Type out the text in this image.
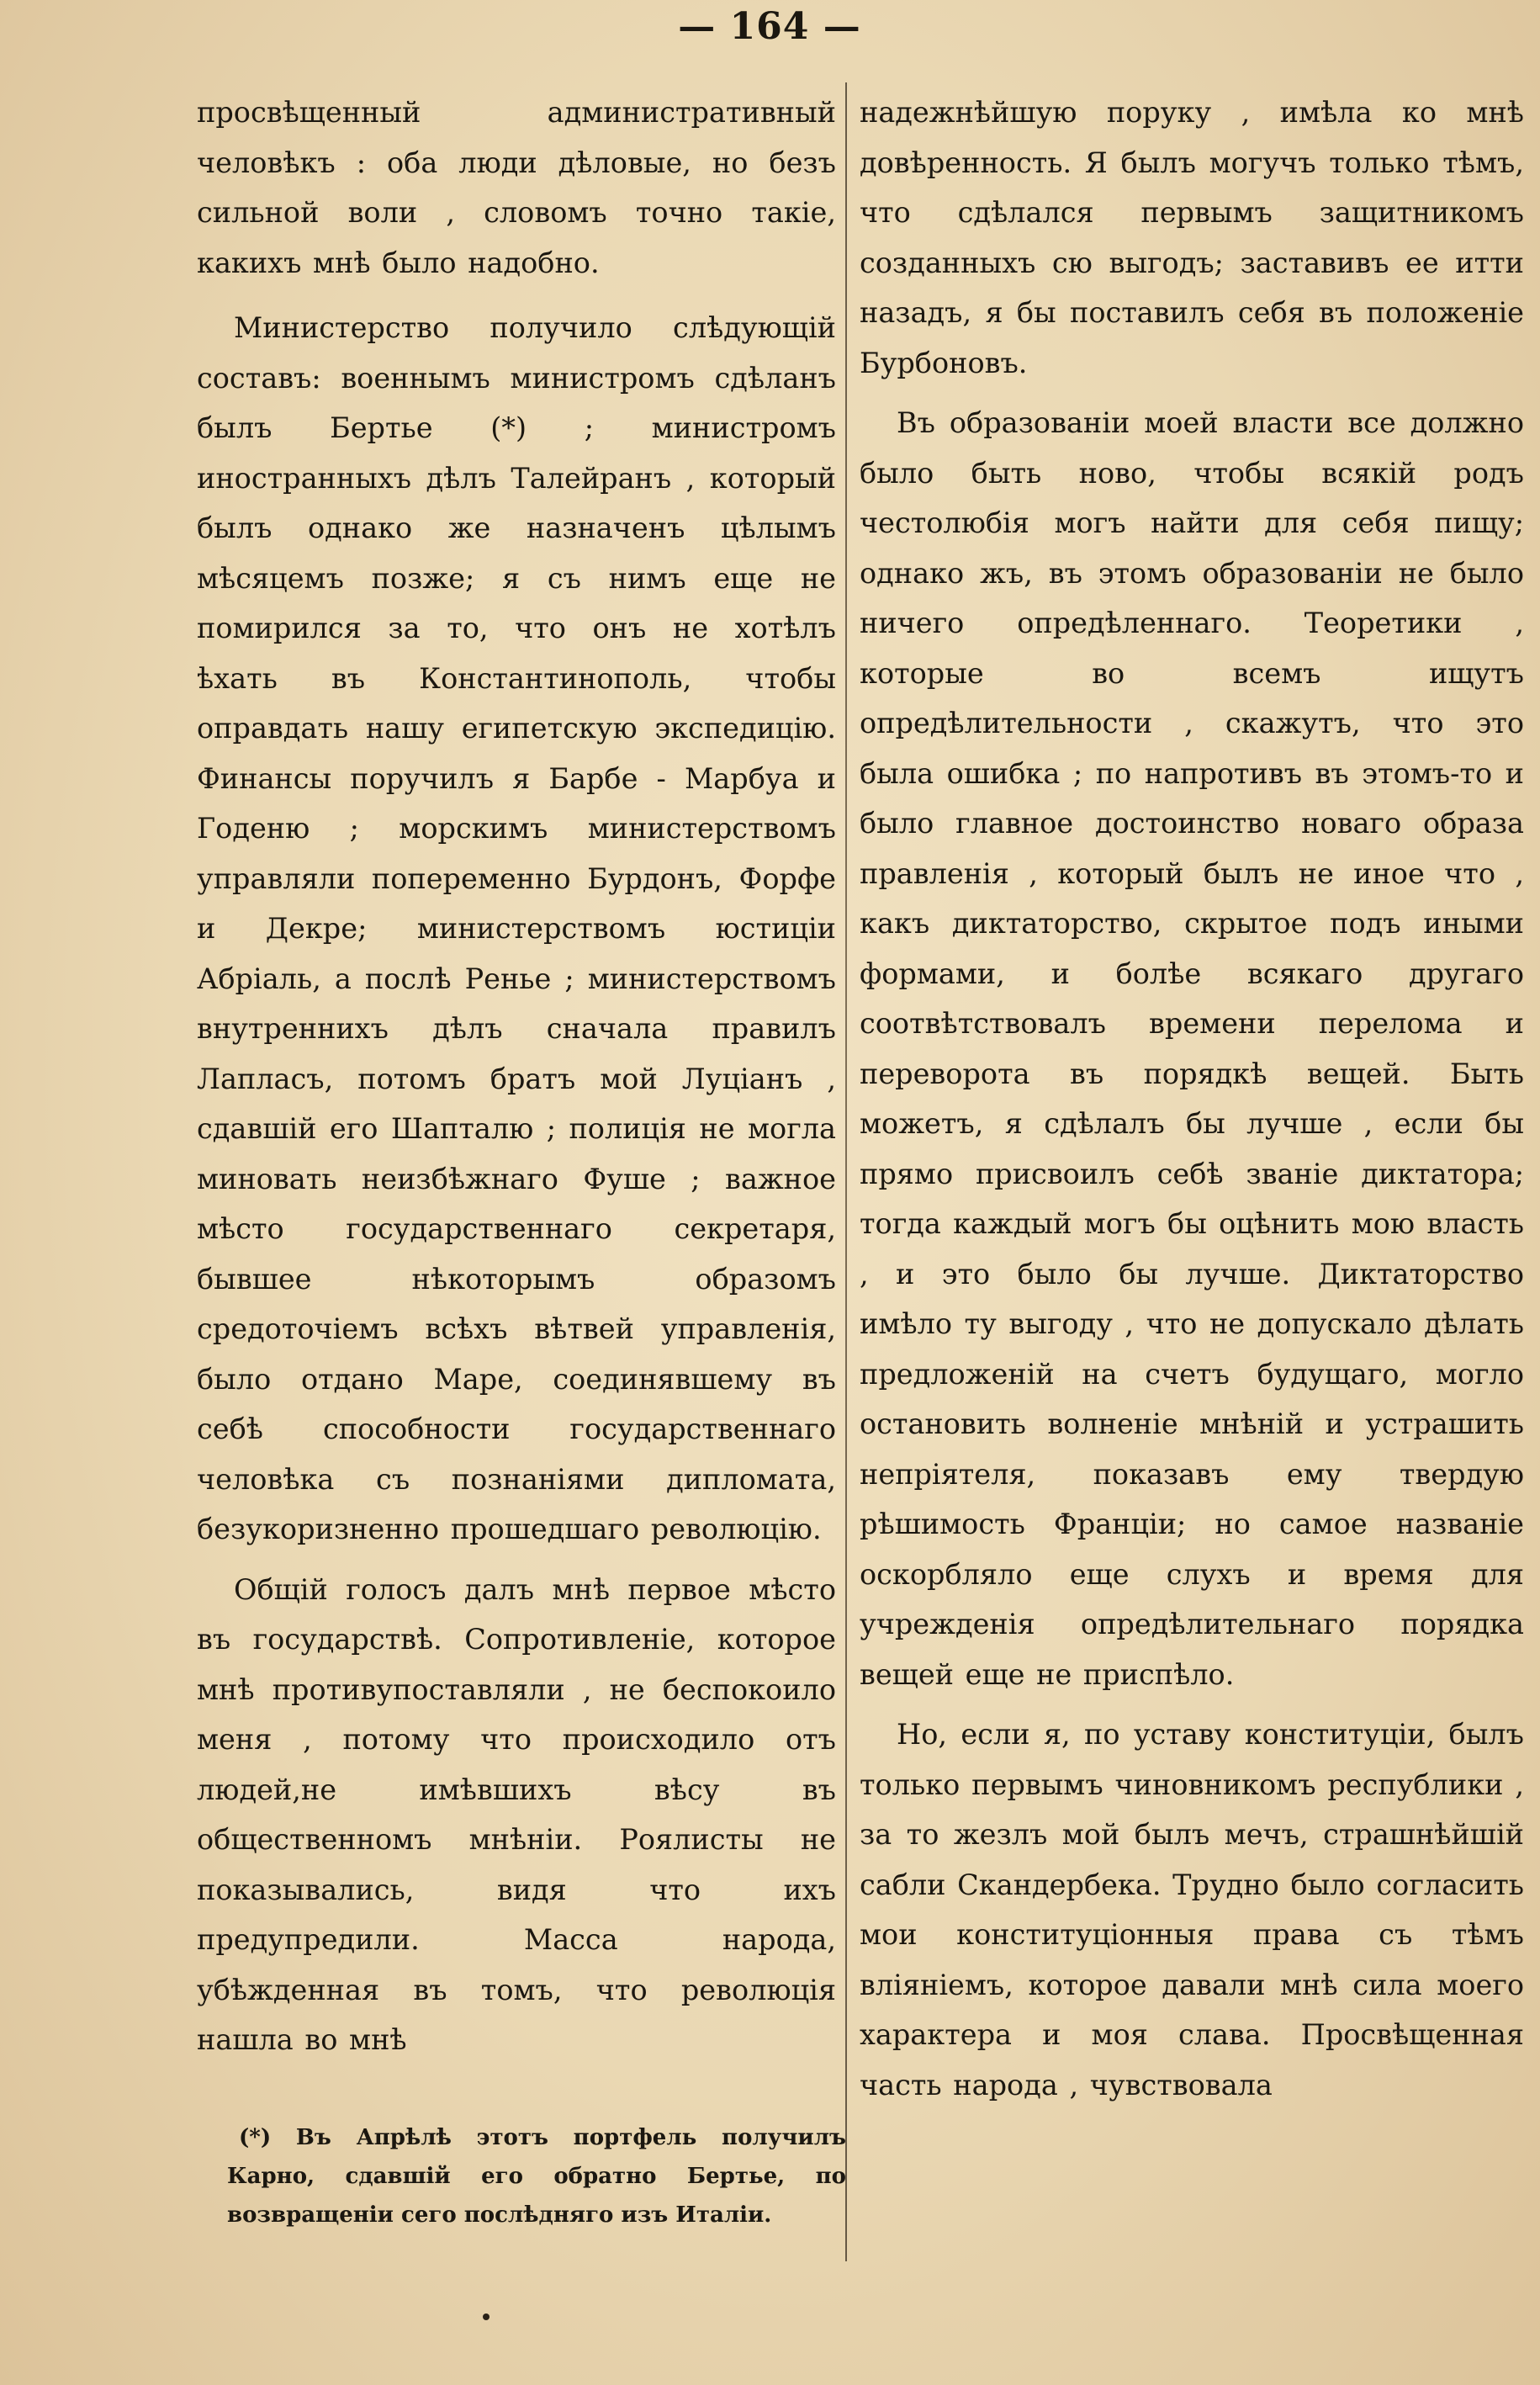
— 164 —

просвѣщенный административный человѣкъ : оба люди дѣловые, но безъ сильной воли , словомъ точно такіе, какихъ мнѣ было надобно.

Министерство получило слѣдующій составъ: военнымъ министромъ сдѣланъ былъ Бертье (*) ; министромъ иностранныхъ дѣлъ Талейранъ , который былъ однако же назначенъ цѣлымъ мѣсяцемъ позже; я съ нимъ еще не помирился за то, что онъ не хотѣлъ ѣхать въ Константинополь, чтобы оправдать нашу египетскую экспедицію. Финансы поручилъ я Барбе - Марбуа и Годеню ; морскимъ министерствомъ управляли попеременно Бурдонъ, Форфе и Декре; министерствомъ юстиціи Абріаль, а послѣ Ренье ; министерствомъ внутреннихъ дѣлъ сначала правилъ Лапласъ, потомъ братъ мой Луціанъ , сдавшій его Шапталю ; полиція не могла миновать неизбѣжнаго Фуше ; важное мѣсто государственнаго секретаря, бывшее нѣкоторымъ образомъ средоточіемъ всѣхъ вѣтвей управленія, было отдано Маре, соединявшему въ себѣ способности государственнаго человѣка съ познаніями дипломата, безукоризненно прошедшаго революцію.

Общій голосъ далъ мнѣ первое мѣсто въ государствѣ. Сопротивленіе, которое мнѣ противупоставляли , не беспокоило меня , потому что происходило отъ людей,не имѣвшихъ вѣсу въ общественномъ мнѣніи. Роялисты не показывались, видя что ихъ предупредили. Масса народа, убѣжденная въ томъ, что революція нашла во мнѣ

надежнѣйшую поруку , имѣла ко мнѣ довѣренность. Я былъ могучъ только тѣмъ, что сдѣлался первымъ защитникомъ созданныхъ сю выгодъ; заставивъ ее итти назадъ, я бы поставилъ себя въ положеніе Бурбоновъ.

Въ образованіи моей власти все должно было быть ново, чтобы всякій родъ честолюбія могъ найти для себя пищу; однако жъ, въ этомъ образованіи не было ничего опредѣленнаго. Теоретики , которые во всемъ ищутъ опредѣлительности , скажутъ, что это была ошибка ; по напротивъ въ этомъ-то и было главное достоинство новаго образа правленія , который былъ не иное что , какъ диктаторство, скрытое подъ иными формами, и болѣе всякаго другаго соотвѣтствовалъ времени перелома и переворота въ порядкѣ вещей. Быть можетъ, я сдѣлалъ бы лучше , если бы прямо присвоилъ себѣ званіе диктатора; тогда каждый могъ бы оцѣнить мою власть , и это было бы лучше. Диктаторство имѣло ту выгоду , что не допускало дѣлать предложеній на счетъ будущаго, могло остановить волненіе мнѣній и устрашить непріятеля, показавъ ему твердую рѣшимость Франціи; но самое названіе оскорбляло еще слухъ и время для учрежденія опредѣлительнаго порядка вещей еще не приспѣло.

Но, если я, по уставу конституціи, былъ только первымъ чиновникомъ республики , за то жезлъ мой былъ мечъ, страшнѣйшій сабли Скандербека. Трудно было согласить мои конституціонныя права съ тѣмъ вліяніемъ, которое давали мнѣ сила моего характера и моя слава. Просвѣщенная часть народа , чувствовала

(*) Въ Апрѣлѣ этотъ портфель получилъ Карно, сдавшій его обратно Бертье, по возвращеніи сего послѣдняго изъ Италіи.
